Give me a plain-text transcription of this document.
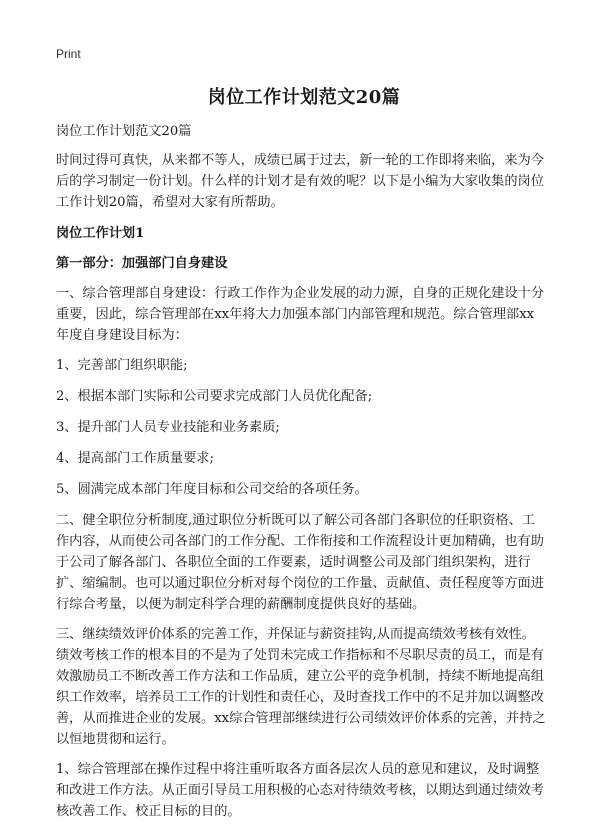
Print
岗位工作计划范文20篇

岗位工作计划范文20篇

时间过得可真快，从来都不等人，成绩已属于过去，新一轮的工作即将来临，来为今后的学习制定一份计划。什么样的计划才是有效的呢？以下是小编为大家收集的岗位工作计划20篇，希望对大家有所帮助。

岗位工作计划1

第一部分：加强部门自身建设

一、综合管理部自身建设：行政工作作为企业发展的动力源，自身的正规化建设十分重要，因此，综合管理部在xx年将大力加强本部门内部管理和规范。综合管理部xx年度自身建设目标为：

1、完善部门组织职能;

2、根据本部门实际和公司要求完成部门人员优化配备;

3、提升部门人员专业技能和业务素质;

4、提高部门工作质量要求;

5、圆满完成本部门年度目标和公司交给的各项任务。

二、健全职位分析制度,通过职位分析既可以了解公司各部门各职位的任职资格、工作内容，从而使公司各部门的工作分配、工作衔接和工作流程设计更加精确，也有助于公司了解各部门、各职位全面的工作要素，适时调整公司及部门组织架构，进行扩、缩编制。也可以通过职位分析对每个岗位的工作量、贡献值、责任程度等方面进行综合考量，以便为制定科学合理的薪酬制度提供良好的基础。

三、继续绩效评价体系的完善工作，并保证与薪资挂钩,从而提高绩效考核有效性。绩效考核工作的根本目的不是为了处罚未完成工作指标和不尽职尽责的员工，而是有效激励员工不断改善工作方法和工作品质，建立公平的竞争机制，持续不断地提高组织工作效率，培养员工工作的计划性和责任心，及时查找工作中的不足并加以调整改善，从而推进企业的发展。xx综合管理部继续进行公司绩效评价体系的完善，并持之以恒地贯彻和运行。

1、综合管理部在操作过程中将注重听取各方面各层次人员的意见和建议，及时调整和改进工作方法。从正面引导员工用积极的心态对待绩效考核，以期达到通过绩效考核改善工作、校正目标的目的。
